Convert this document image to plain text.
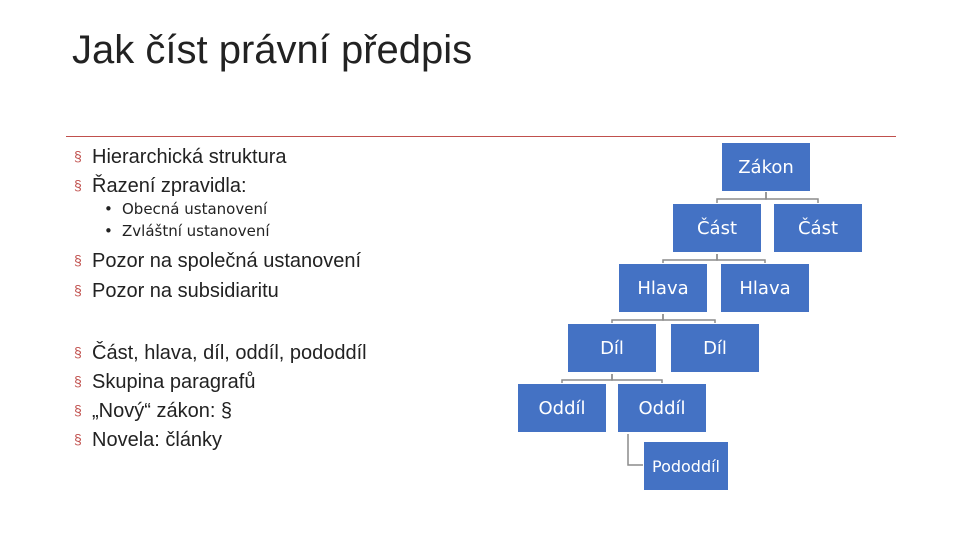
Jak číst právní předpis
§ Hierarchická struktura
§ Řazení zpravidla:
• Obecná ustanovení
• Zvláštní ustanovení
§ Pozor na společná ustanovení
§ Pozor na subsidiaritu
§ Část, hlava, díl, oddíl, pododdíl
§ Skupina paragrafů
§ „Nový“ zákon: §
§ Novela: články
Zákon
Část	Část
Hlava	Hlava
Díl	Díl
Oddíl	Oddíl
Pododdíl
